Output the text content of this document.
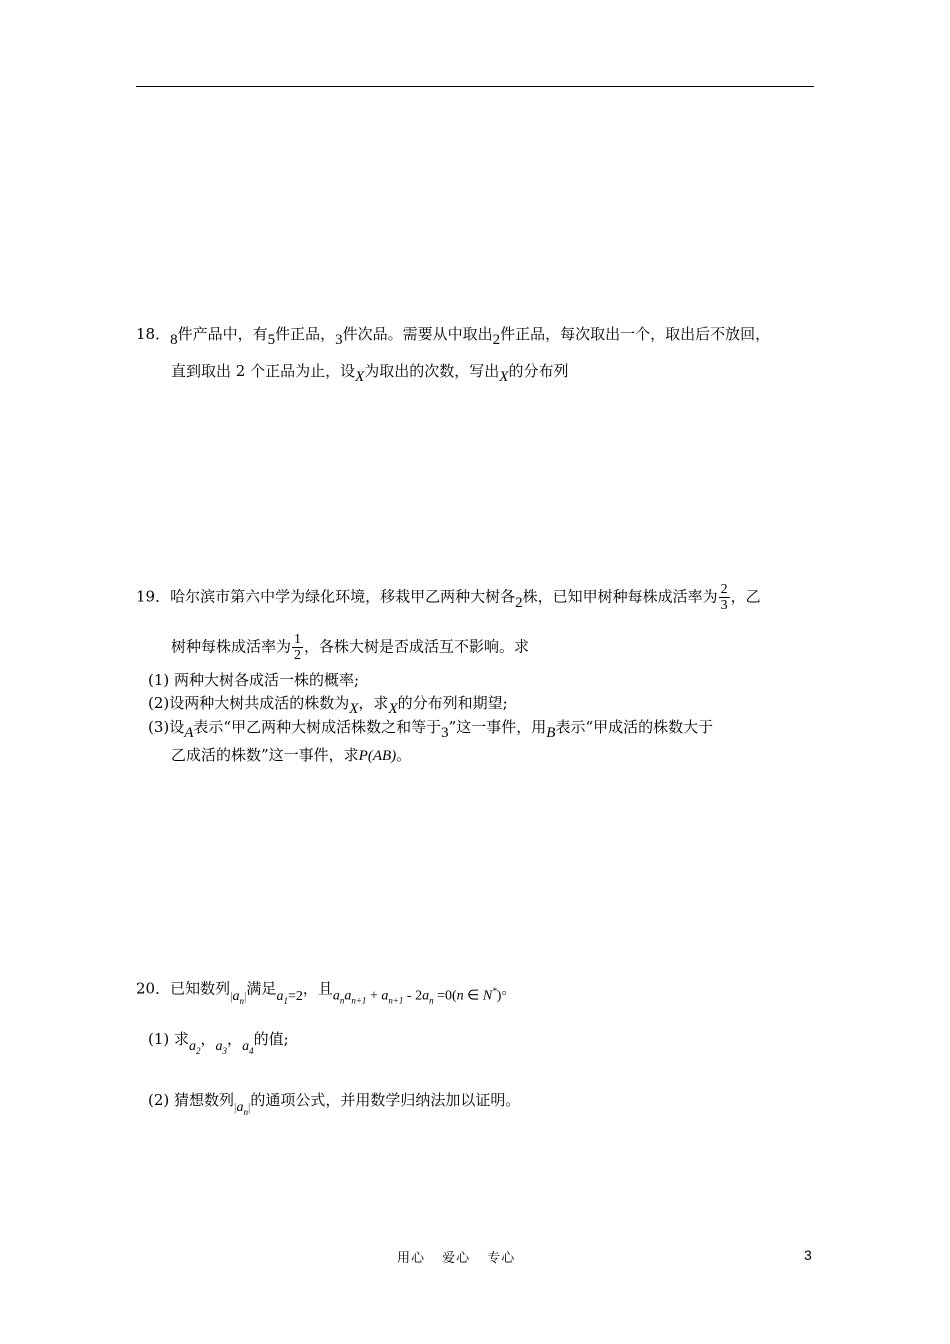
18．8件产品中，有5件正品，3件次品。需要从中取出2件正品，每次取出一个，取出后不放回，
直到取出 2 个正品为止，设X为取出的次数，写出X的分布列
19．哈尔滨市第六中学为绿化环境，移栽甲乙两种大树各2株，已知甲树种每株成活率为 $\frac{2}{3}$ ，乙
树种每株成活率为 $\frac{1}{2}$ ，各株大树是否成活互不影响。求
(1) 两种大树各成活一株的概率;
(2)设两种大树共成活的株数为X，求X的分布列和期望;
(3)设A表示“甲乙两种大树成活株数之和等于3”这一事件，用B表示“甲成活的株数大于
乙成活的株数”这一事件，求P(AB)。
20．已知数列$|a_n|$满足$a_1=2$，且$a_na_{n+1} + a_{n+1} - 2a_n =0(n$ ∈ N*)。
(1) 求$a_2$，$a_3$，$a_4$的值;
(2) 猜想数列$|a_n|$的通项公式，并用数学归纳法加以证明。
用心 爱心 专心	3
